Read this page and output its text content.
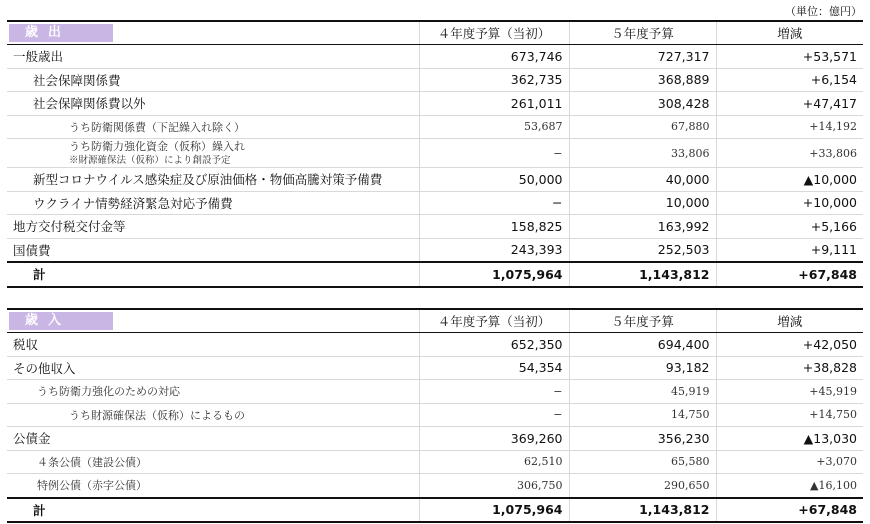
（単位：億円）
歳出	４年度予算（当初）	５年度予算	増減
一般歳出	673,746	727,317	+53,571
社会保障関係費	362,735	368,889	+6,154
社会保障関係費以外	261,011	308,428	+47,417
うち防衛関係費（下記繰入れ除く）	53,687	67,880	+14,192

うち防衛力強化資金（仮称）繰入れ
※財源確保法（仮称）により創設予定	−	33,806	+33,806
新型コロナウイルス感染症及び原油価格・物価高騰対策予備費	50,000	40,000	▲10,000
ウクライナ情勢経済緊急対応予備費	−	10,000	+10,000
地方交付税交付金等	158,825	163,992	+5,166
国債費	243,393	252,503	+9,111
計	1,075,964	1,143,812	+67,848
歳入	４年度予算（当初）	５年度予算	増減
税収	652,350	694,400	+42,050
その他収入	54,354	93,182	+38,828
うち防衛力強化のための対応	−	45,919	+45,919
うち財源確保法（仮称）によるもの	−	14,750	+14,750
公債金	369,260	356,230	▲13,030
４条公債（建設公債）	62,510	65,580	+3,070
特例公債（赤字公債）	306,750	290,650	▲16,100
計	1,075,964	1,143,812	+67,848
